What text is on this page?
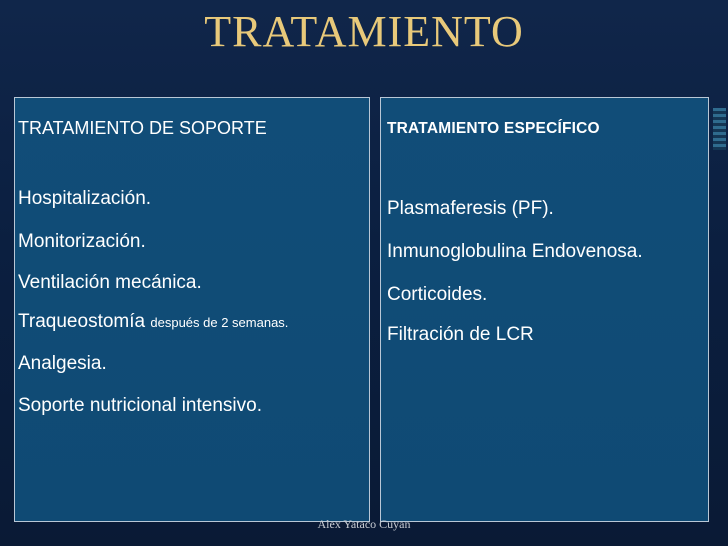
TRATAMIENTO
TRATAMIENTO DE SOPORTE
Hospitalización.
Monitorización.
Ventilación mecánica.
Traqueostomía después de 2 semanas.
Analgesia.
Soporte nutricional intensivo.
TRATAMIENTO ESPECÍFICO
Plasmaferesis (PF).
Inmunoglobulina Endovenosa.
Corticoides.
Filtración de LCR
Alex Yataco Cuyan
